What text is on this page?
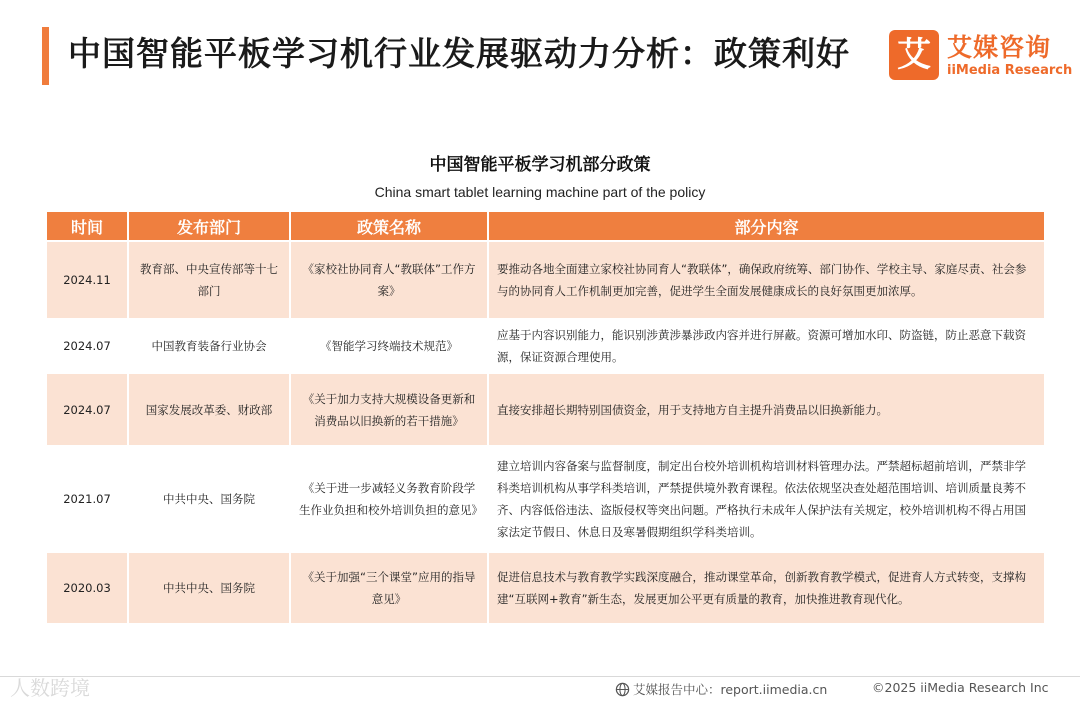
中国智能平板学习机行业发展驱动力分析：政策利好 艾 艾媒咨询
iiMedia Research
中国智能平板学习机部分政策
China smart tablet learning machine part of the policy
时间	发布部门	政策名称	部分内容
2024.11	教育部、中央宣传部等十七部门	《家校社协同育人“教联体”工作方案》	要推动各地全面建立家校社协同育人“教联体”，确保政府统筹、部门协作、学校主导、家庭尽责、社会参与的协同育人工作机制更加完善，促进学生全面发展健康成长的良好氛围更加浓厚。
2024.07	中国教育装备行业协会	《智能学习终端技术规范》	应基于内容识别能力，能识别涉黄涉暴涉政内容并进行屏蔽。资源可增加水印、防盗链，防止恶意下载资源，保证资源合理使用。
2024.07	国家发展改革委、财政部	《关于加力支持大规模设备更新和消费品以旧换新的若干措施》	直接安排超长期特别国债资金，用于支持地方自主提升消费品以旧换新能力。
2021.07	中共中央、国务院	《关于进一步减轻义务教育阶段学生作业负担和校外培训负担的意见》	建立培训内容备案与监督制度，制定出台校外培训机构培训材料管理办法。严禁超标超前培训，严禁非学科类培训机构从事学科类培训，严禁提供境外教育课程。依法依规坚决查处超范围培训、培训质量良莠不齐、内容低俗违法、盗版侵权等突出问题。严格执行未成年人保护法有关规定，校外培训机构不得占用国家法定节假日、休息日及寒暑假期组织学科类培训。
2020.03	中共中央、国务院	《关于加强“三个课堂”应用的指导意见》	促进信息技术与教育教学实践深度融合，推动课堂革命，创新教育教学模式，促进育人方式转变，支撑构建“互联网+教育”新生态，发展更加公平更有质量的教育，加快推进教育现代化。
人数跨境	艾媒报告中心：report.iimedia.cn	©2025 iiMedia Research Inc
